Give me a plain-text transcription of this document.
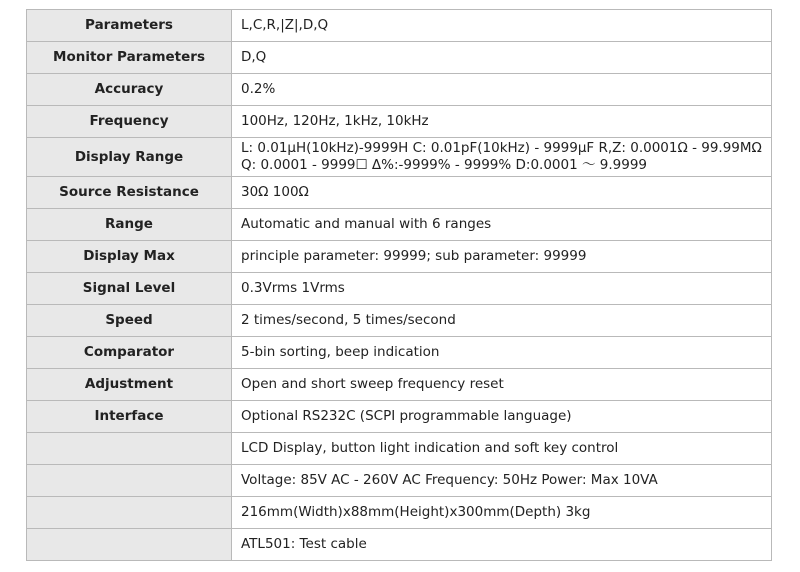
Parameters	L,C,R,|Z|,D,Q
Monitor Parameters	D,Q
Accuracy	0.2%
Frequency	100Hz, 120Hz, 1kHz, 10kHz
Display Range	L: 0.01μH(10kHz)-9999H C: 0.01pF(10kHz) - 9999μF R,Z: 0.0001Ω - 99.99MΩ Q: 0.0001 - 9999☐ Δ%:-9999% - 9999% D:0.0001 ～ 9.9999
Source Resistance	30Ω 100Ω
Range	Automatic and manual with 6 ranges
Display Max	principle parameter: 99999; sub parameter: 99999
Signal Level	0.3Vrms 1Vrms
Speed	2 times/second, 5 times/second
Comparator	5-bin sorting, beep indication
Adjustment	Open and short sweep frequency reset
Interface	Optional RS232C (SCPI programmable language)
	LCD Display, button light indication and soft key control
	Voltage: 85V AC - 260V AC Frequency: 50Hz Power: Max 10VA
	216mm(Width)x88mm(Height)x300mm(Depth) 3kg
	ATL501: Test cable
